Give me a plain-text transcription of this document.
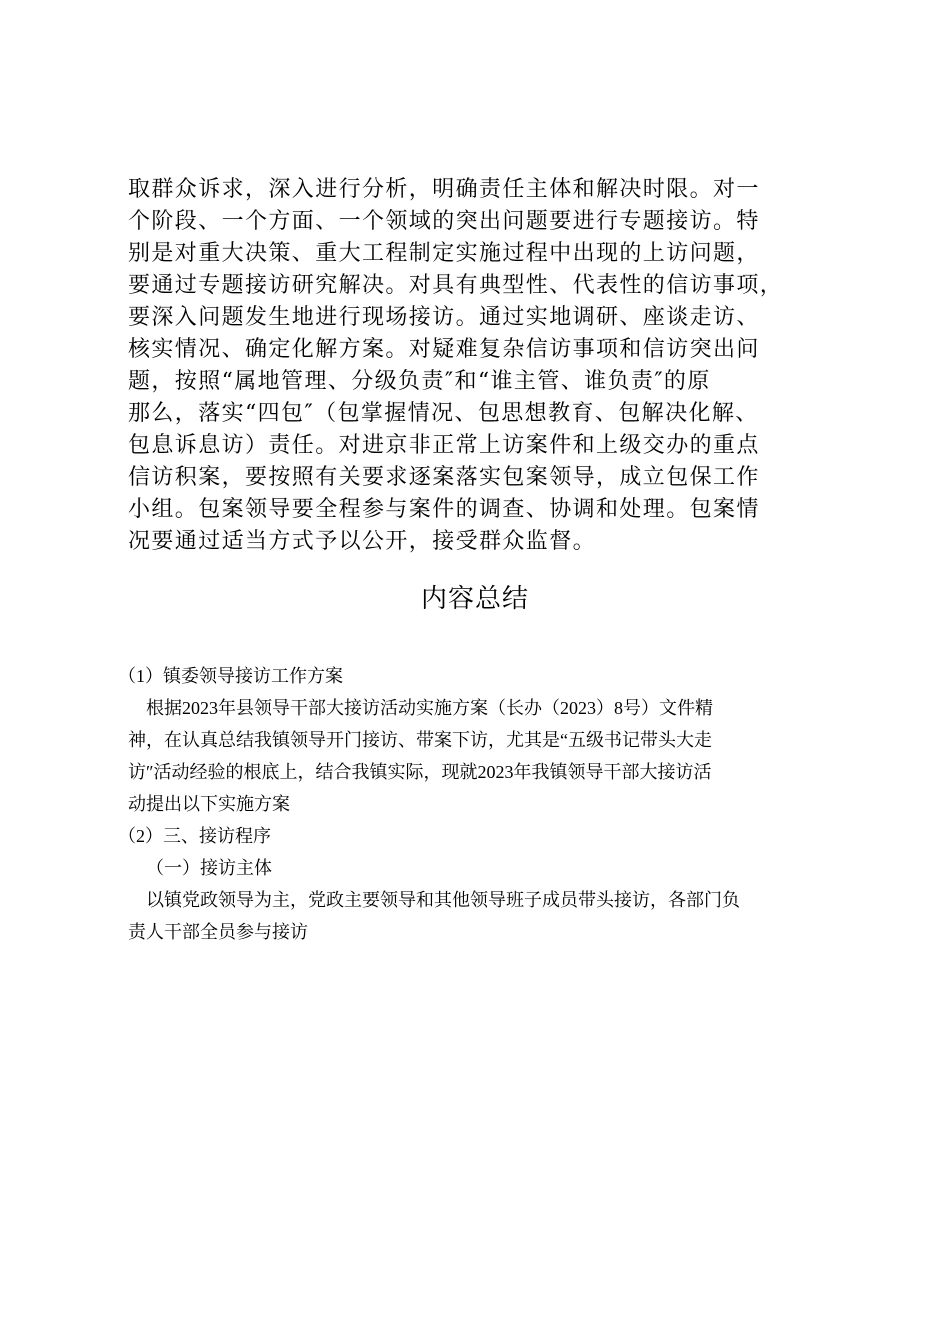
取群众诉求，深入进行分析，明确责任主体和解决时限。对一
个阶段、一个方面、一个领域的突出问题要进行专题接访。特
别是对重大决策、重大工程制定实施过程中出现的上访问题，
要通过专题接访研究解决。对具有典型性、代表性的信访事项，
要深入问题发生地进行现场接访。通过实地调研、座谈走访、
核实情况、确定化解方案。对疑难复杂信访事项和信访突出问
题，按照“属地管理、分级负责″和“谁主管、谁负责″的原
那么，落实“四包″（包掌握情况、包思想教育、包解决化解、
包息诉息访）责任。对进京非正常上访案件和上级交办的重点
信访积案，要按照有关要求逐案落实包案领导，成立包保工作
小组。包案领导要全程参与案件的调查、协调和处理。包案情
况要通过适当方式予以公开，接受群众监督。
内容总结
（1）镇委领导接访工作方案
根据2023年县领导干部大接访活动实施方案（长办（2023）8号）文件精
神，在认真总结我镇领导开门接访、带案下访，尤其是“五级书记带头大走
访″活动经验的根底上，结合我镇实际，现就2023年我镇领导干部大接访活
动提出以下实施方案
（2）三、接访程序
（一）接访主体
以镇党政领导为主，党政主要领导和其他领导班子成员带头接访，各部门负
责人干部全员参与接访
